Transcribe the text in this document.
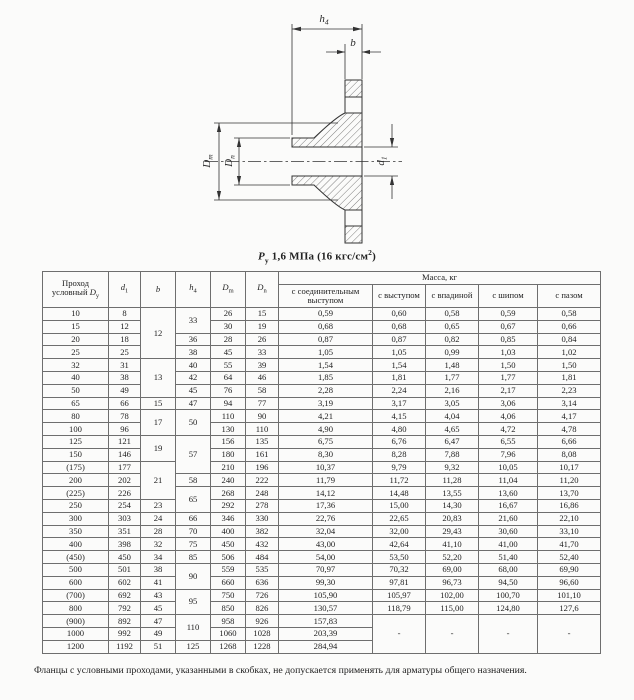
$h_4$
b
$D_m$
$D_n$
$d_1$
$Р_у$ 1,6 МПа (16 кгс/$см^2$)
Проход
условный $D_у$	$d_1$	b	$h_4$	$D_m$	$D_n$	Масса, кг				
						с соединительным выступом	с выступом	с впадиной	с шипом	с пазом
10	8	12	33	26	15	0,59	0,60	0,58	0,59	0,58
15	12			30	19	0,68	0,68	0,65	0,67	0,66
20	18		36	28	26	0,87	0,87	0,82	0,85	0,84
25	25		38	45	33	1,05	1,05	0,99	1,03	1,02
32	31	13	40	55	39	1,54	1,54	1,48	1,50	1,50
40	38		42	64	46	1,85	1,81	1,77	1,77	1,81
50	49		45	76	58	2,28	2,24	2,16	2,17	2,23
65	66	15	47	94	77	3,19	3,17	3,05	3,06	3,14
80	78	17	50	110	90	4,21	4,15	4,04	4,06	4,17
100	96			130	110	4,90	4,80	4,65	4,72	4,78
125	121	19	57	156	135	6,75	6,76	6,47	6,55	6,66
150	146			180	161	8,30	8,28	7,88	7,96	8,08
(175)	177	21		210	196	10,37	9,79	9,32	10,05	10,17
200	202		58	240	222	11,79	11,72	11,28	11,04	11,20
(225)	226		65	268	248	14,12	14,48	13,55	13,60	13,70
250	254	23		292	278	17,36	15,00	14,30	16,67	16,86
300	303	24	66	346	330	22,76	22,65	20,83	21,60	22,10
350	351	28	70	400	382	32,04	32,00	29,43	30,60	33,10
400	398	32	75	450	432	43,00	42,64	41,10	41,00	41,70
(450)	450	34	85	506	484	54,00	53,50	52,20	51,40	52,40
500	501	38	90	559	535	70,97	70,32	69,00	68,00	69,90
600	602	41		660	636	99,30	97,81	96,73	94,50	96,60
(700)	692	43	95	750	726	105,90	105,97	102,00	100,70	101,10
800	792	45		850	826	130,57	118,79	115,00	124,80	127,6
(900)	892	47	110	958	926	157,83	-	-	-	-
1000	992	49		1060	1028	203,39				
1200	1192	51	125	1268	1228	284,94				
Фланцы с условными проходами, указанными в скобках, не допускается применять для арматуры общего назначения.
